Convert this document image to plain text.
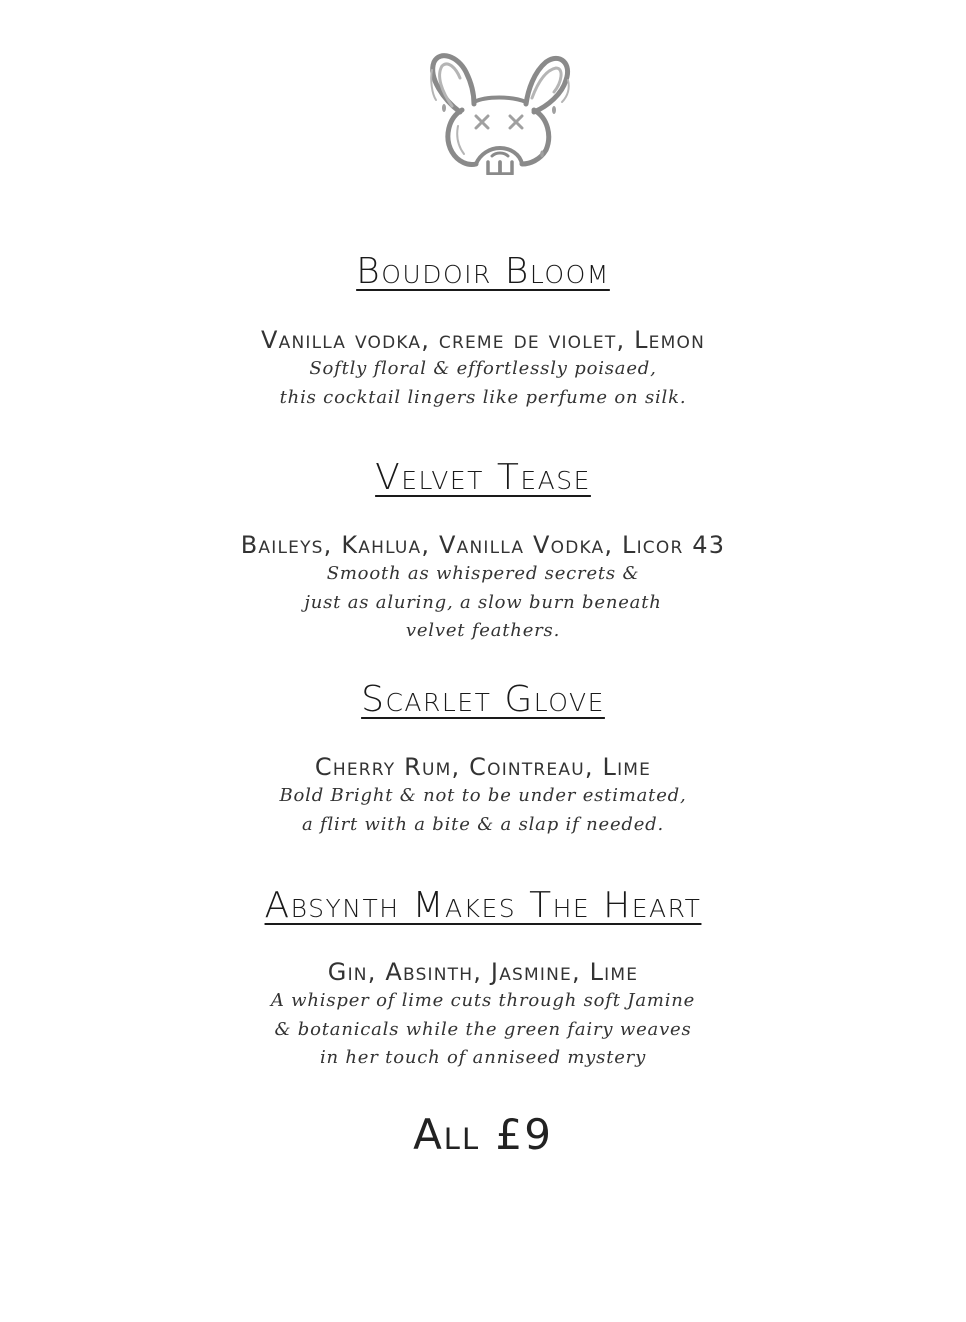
Boudoir Bloom

Vanilla vodka, creme de violet, Lemon

Softly floral & effortlessly poisaed,

this cocktail lingers like perfume on silk.

Velvet Tease

Baileys, Kahlua, Vanilla Vodka, Licor 43

Smooth as whispered secrets &

just as aluring, a slow burn beneath

velvet feathers.

Scarlet Glove

Cherry Rum, Cointreau, Lime

Bold Bright & not to be under estimated,

a flirt with a bite & a slap if needed.

Absynth Makes The Heart

Gin, Absinth, Jasmine, Lime

A whisper of lime cuts through soft Jamine

& botanicals while the green fairy weaves

in her touch of anniseed mystery

All £9
